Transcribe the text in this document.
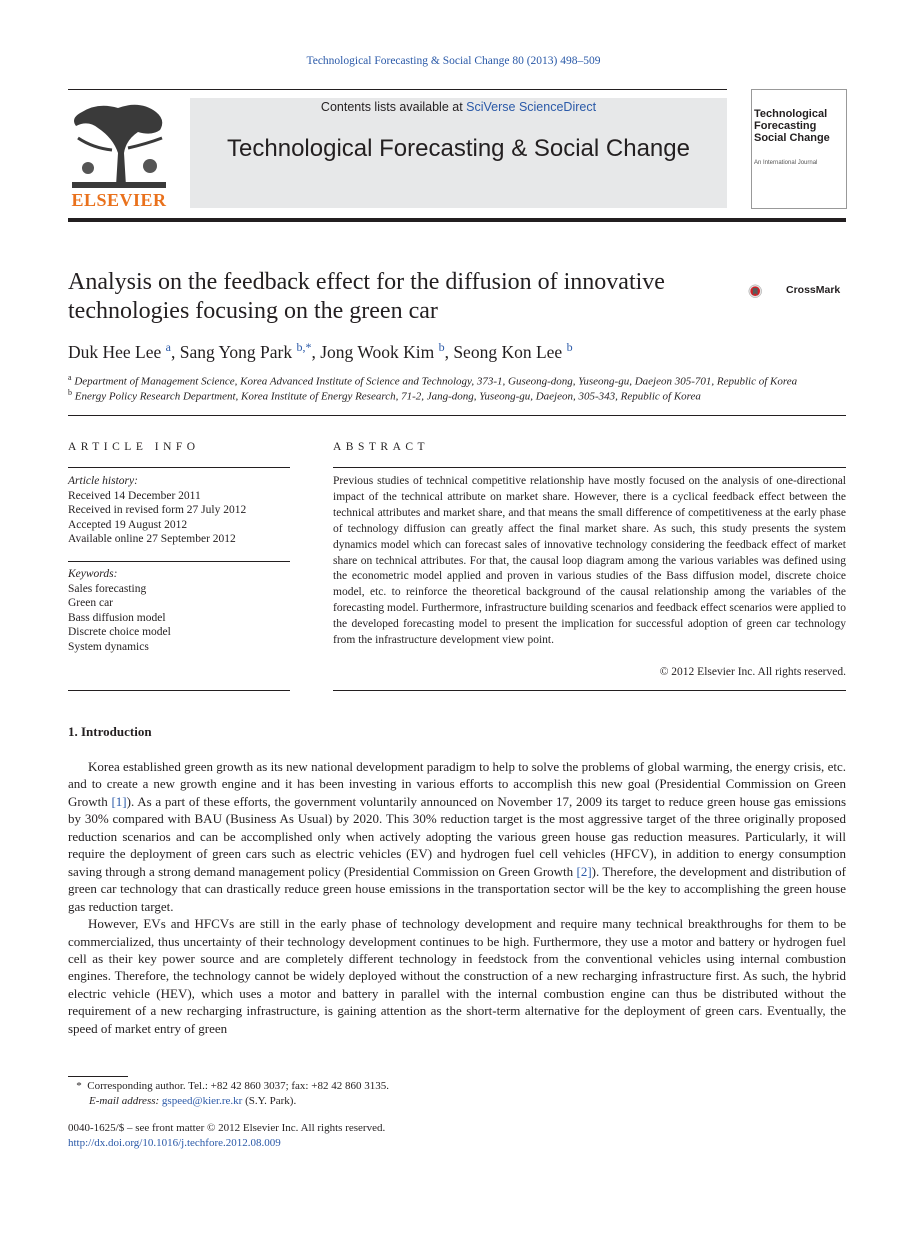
Technological Forecasting & Social Change 80 (2013) 498–509
ELSEVIER
Contents lists available at SciVerse ScienceDirect
Technological Forecasting & Social Change
Technological
Forecasting
Social Change
An International Journal
Analysis on the feedback effect for the diffusion of innovative technologies focusing on the green car
CrossMark
Duk Hee Lee $^a$, Sang Yong Park $^{b,*}$, Jong Wook Kim $^b$, Seong Kon Lee $^b$
$^a$ Department of Management Science, Korea Advanced Institute of Science and Technology, 373-1, Guseong-dong, Yuseong-gu, Daejeon 305-701, Republic of Korea
$^b$ Energy Policy Research Department, Korea Institute of Energy Research, 71-2, Jang-dong, Yuseong-gu, Daejeon, 305-343, Republic of Korea
ARTICLE INFO	ABSTRACT
Article history:
Received 14 December 2011
Received in revised form 27 July 2012
Accepted 19 August 2012
Available online 27 September 2012
Keywords:
Sales forecasting
Green car
Bass diffusion model
Discrete choice model
System dynamics
Previous studies of technical competitive relationship have mostly focused on the analysis of one-directional impact of the technical attribute on market share. However, there is a cyclical feedback effect between the technical attributes and market share, and that means the small difference of competitiveness at the early phase of technology diffusion can greatly affect the final market share. As such, this study presents the system dynamics model which can forecast sales of innovative technology considering the feedback effect of market share on technical attributes. For that, the causal loop diagram among the various variables was defined using the econometric model applied and proven in various studies of the Bass diffusion model, discrete choice model, etc. to reinforce the theoretical background of the causal relationship among the variables of the forecasting model. Furthermore, infrastructure building scenarios and feedback effect scenarios were applied to the developed forecasting model to present the implication for successful adoption of green car technology from the infrastructure development view point.
© 2012 Elsevier Inc. All rights reserved.
1. Introduction

Korea established green growth as its new national development paradigm to help to solve the problems of global warming, the energy crisis, etc. and to create a new growth engine and it has been investing in various efforts to accomplish this new goal (Presidential Commission on Green Growth [1]). As a part of these efforts, the government voluntarily announced on November 17, 2009 its target to reduce green house gas emissions by 30% compared with BAU (Business As Usual) by 2020. This 30% reduction target is the most aggressive target of the three originally proposed reduction scenarios and can be accomplished only when actively adopting the various green house gas reduction measures. Particularly, it will require the deployment of green cars such as electric vehicles (EV) and hydrogen fuel cell vehicles (HFCV), in addition to energy consumption saving through a strong demand management policy (Presidential Commission on Green Growth [2]). Therefore, the development and distribution of green car technology that can drastically reduce green house emissions in the transportation sector will be the key to accomplishing the green house gas reduction target.

However, EVs and HFCVs are still in the early phase of technology development and require many technical breakthroughs for them to be commercialized, thus uncertainty of their technology development continues to be high. Furthermore, they use a motor and battery or hydrogen fuel cell as their key power source and are completely different technology in feedstock from the conventional vehicles using internal combustion engines. Therefore, the technology cannot be widely deployed without the construction of a new recharging infrastructure first. As such, the hybrid electric vehicle (HEV), which uses a motor and battery in parallel with the internal combustion engine can thus be distributed without the requirement of a new recharging infrastructure, is gaining attention as the short-term alternative for the deployment of green cars. Eventually, the speed of market entry of green

* Corresponding author. Tel.: +82 42 860 3037; fax: +82 42 860 3135.
E-mail address: gspeed@kier.re.kr (S.Y. Park).
0040-1625/$ – see front matter © 2012 Elsevier Inc. All rights reserved.
http://dx.doi.org/10.1016/j.techfore.2012.08.009
